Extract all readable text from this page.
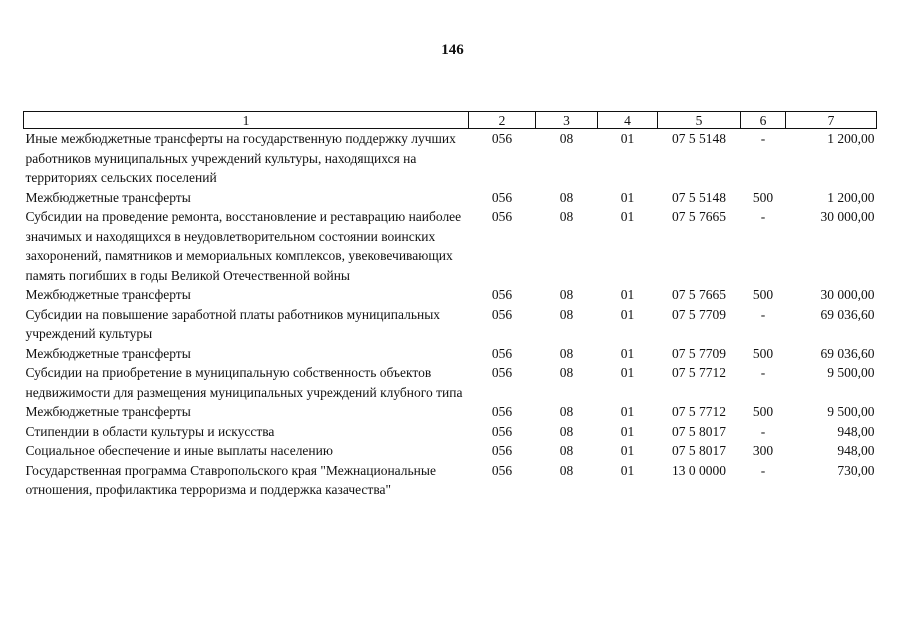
146
1	2	3	4	5	6	7
Иные межбюджетные трансферты на государственную поддержку лучших работников муниципальных учреждений культуры, находящихся на территориях сельских поселений	056	08	01	07 5 5148	-	1 200,00
Межбюджетные трансферты	056	08	01	07 5 5148	500	1 200,00
Субсидии на проведение ремонта, восстановление и реставрацию наиболее значимых и находящихся в неудовлетворительном состоянии воинских захоронений, памятников и мемориальных комплексов, увековечивающих память погибших в годы Великой Отечественной войны	056	08	01	07 5 7665	-	30 000,00
Межбюджетные трансферты	056	08	01	07 5 7665	500	30 000,00
Субсидии на повышение заработной платы работников муниципальных учреждений культуры	056	08	01	07 5 7709	-	69 036,60
Межбюджетные трансферты	056	08	01	07 5 7709	500	69 036,60
Субсидии на приобретение в муниципальную собственность объектов недвижимости для размещения муниципальных учреждений клубного типа	056	08	01	07 5 7712	-	9 500,00
Межбюджетные трансферты	056	08	01	07 5 7712	500	9 500,00
Стипендии в области культуры и искусства	056	08	01	07 5 8017	-	948,00
Социальное обеспечение и иные выплаты населению	056	08	01	07 5 8017	300	948,00
Государственная программа Ставропольского края "Межнациональные отношения, профилактика терроризма и поддержка казачества"	056	08	01	13 0 0000	-	730,00
